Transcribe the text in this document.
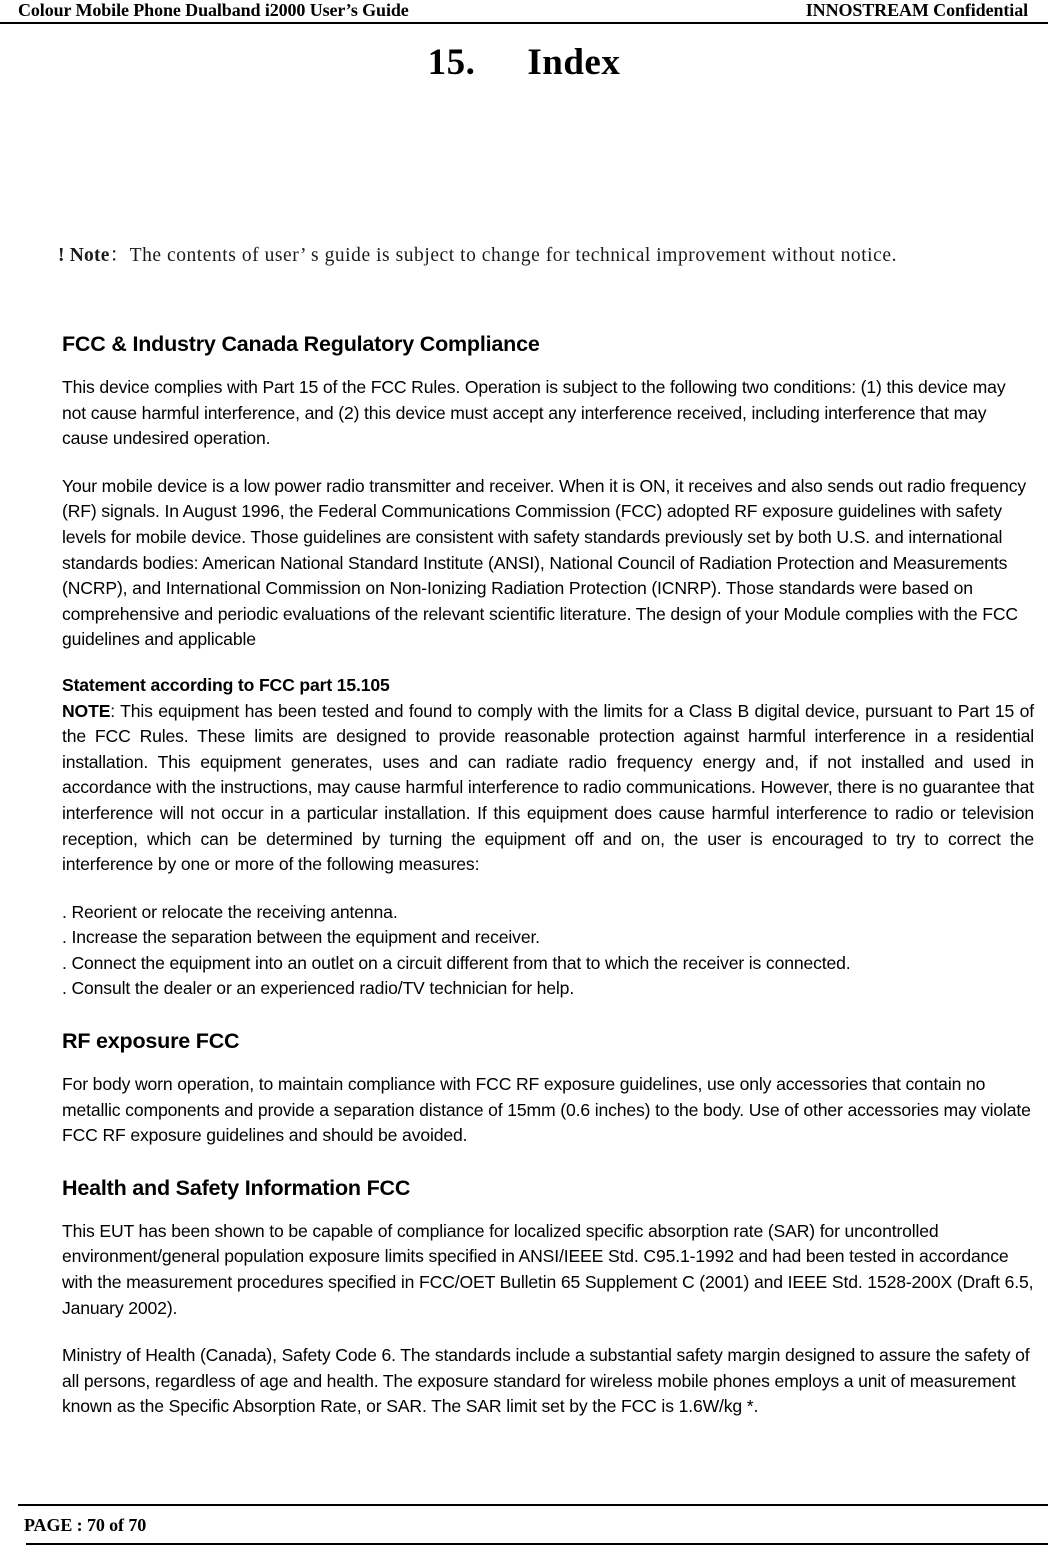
Colour Mobile Phone Dualband i2000 User’s Guide	INNOSTREAM Confidential
15. Index
! Note：The contents of user’ s guide is subject to change for technical improvement without notice.
FCC & Industry Canada Regulatory Compliance

This device complies with Part 15 of the FCC Rules. Operation is subject to the following two conditions: (1) this device may not cause harmful interference, and (2) this device must accept any interference received, including interference that may cause undesired operation.

Your mobile device is a low power radio transmitter and receiver. When it is ON, it receives and also sends out radio frequency (RF) signals. In August 1996, the Federal Communications Commission (FCC) adopted RF exposure guidelines with safety levels for mobile device. Those guidelines are consistent with safety standards previously set by both U.S. and international standards bodies: American National Standard Institute (ANSI), National Council of Radiation Protection and Measurements (NCRP), and International Commission on Non-Ionizing Radiation Protection (ICNRP). Those standards were based on comprehensive and periodic evaluations of the relevant scientific literature. The design of your Module complies with the FCC guidelines and applicable

Statement according to FCC part 15.105

NOTE: This equipment has been tested and found to comply with the limits for a Class B digital device, pursuant to Part 15 of the FCC Rules. These limits are designed to provide reasonable protection against harmful interference in a residential installation. This equipment generates, uses and can radiate radio frequency energy and, if not installed and used in accordance with the instructions, may cause harmful interference to radio communications. However, there is no guarantee that interference will not occur in a particular installation. If this equipment does cause harmful interference to radio or television reception, which can be determined by turning the equipment off and on, the user is encouraged to try to correct the interference by one or more of the following measures:

. Reorient or relocate the receiving antenna.
. Increase the separation between the equipment and receiver.
. Connect the equipment into an outlet on a circuit different from that to which the receiver is connected.
. Consult the dealer or an experienced radio/TV technician for help.
RF exposure FCC

For body worn operation, to maintain compliance with FCC RF exposure guidelines, use only accessories that contain no metallic components and provide a separation distance of 15mm (0.6 inches) to the body. Use of other accessories may violate FCC RF exposure guidelines and should be avoided.

Health and Safety Information FCC

This EUT has been shown to be capable of compliance for localized specific absorption rate (SAR) for uncontrolled environment/general population exposure limits specified in ANSI/IEEE Std. C95.1-1992 and had been tested in accordance with the measurement procedures specified in FCC/OET Bulletin 65 Supplement C (2001) and IEEE Std. 1528-200X (Draft 6.5, January 2002).

Ministry of Health (Canada), Safety Code 6. The standards include a substantial safety margin designed to assure the safety of all persons, regardless of age and health. The exposure standard for wireless mobile phones employs a unit of measurement known as the Specific Absorption Rate, or SAR. The SAR limit set by the FCC is 1.6W/kg *.

PAGE : 70 of 70
